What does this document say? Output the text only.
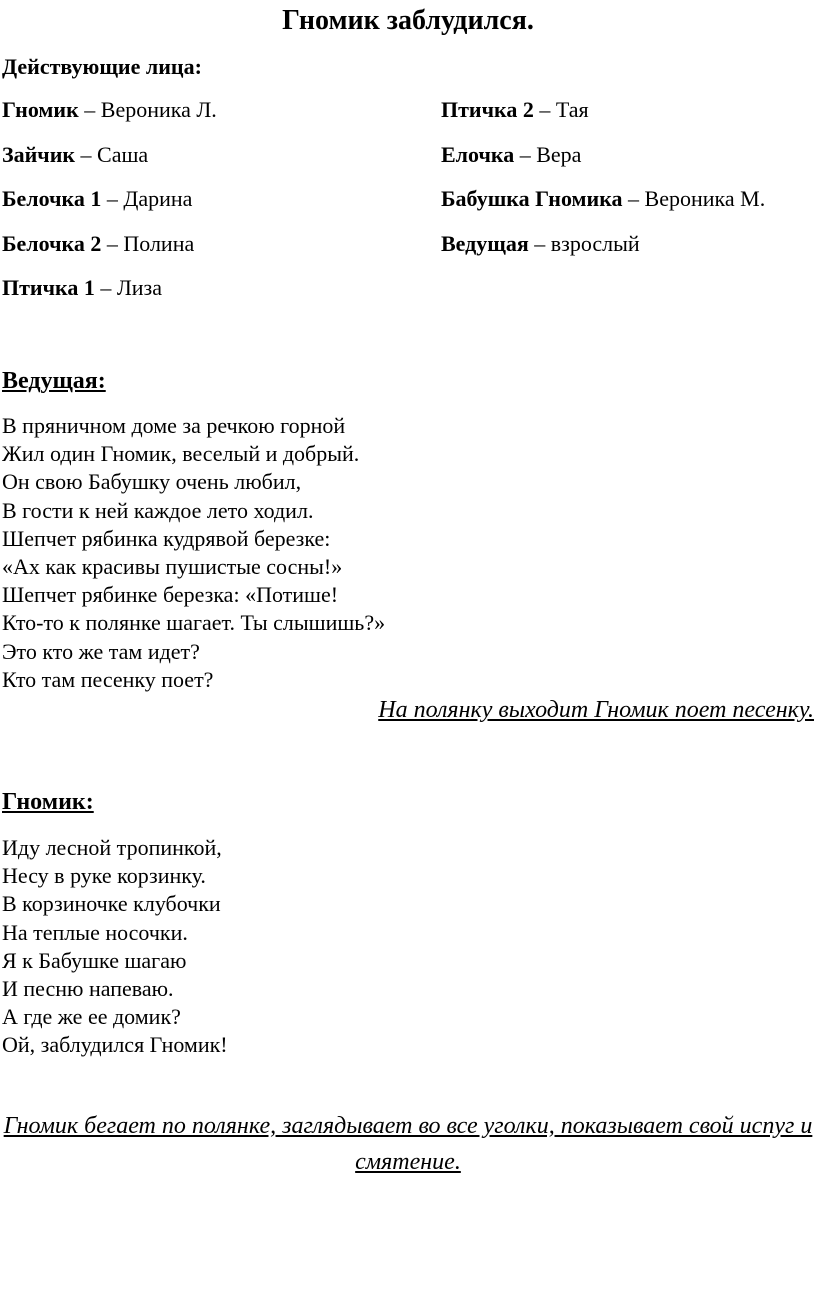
Гномик заблудился.
Действующие лица:
Гномик – Вероника Л.
Зайчик – Саша
Белочка 1 – Дарина
Белочка 2 – Полина
Птичка 1 – Лиза
Птичка 2 – Тая
Елочка – Вера
Бабушка Гномика – Вероника М.
Ведущая – взрослый
Ведущая:
В пряничном доме за речкою горной
Жил один Гномик, веселый и добрый.
Он свою Бабушку очень любил,
В гости к ней каждое лето ходил.
Шепчет рябинка кудрявой березке:
«Ах как красивы пушистые сосны!»
Шепчет рябинке березка: «Потише!
Кто-то к полянке шагает. Ты слышишь?»
Это кто же там идет?
Кто там песенку поет?
На полянку выходит Гномик поет песенку.
Гномик:
Иду лесной тропинкой,
Несу в руке корзинку.
В корзиночке клубочки
На теплые носочки.
Я к Бабушке шагаю
И песню напеваю.
А где же ее домик?
Ой, заблудился Гномик!
Гномик бегает по полянке, заглядывает во все уголки, показывает свой испуг и смятение.
